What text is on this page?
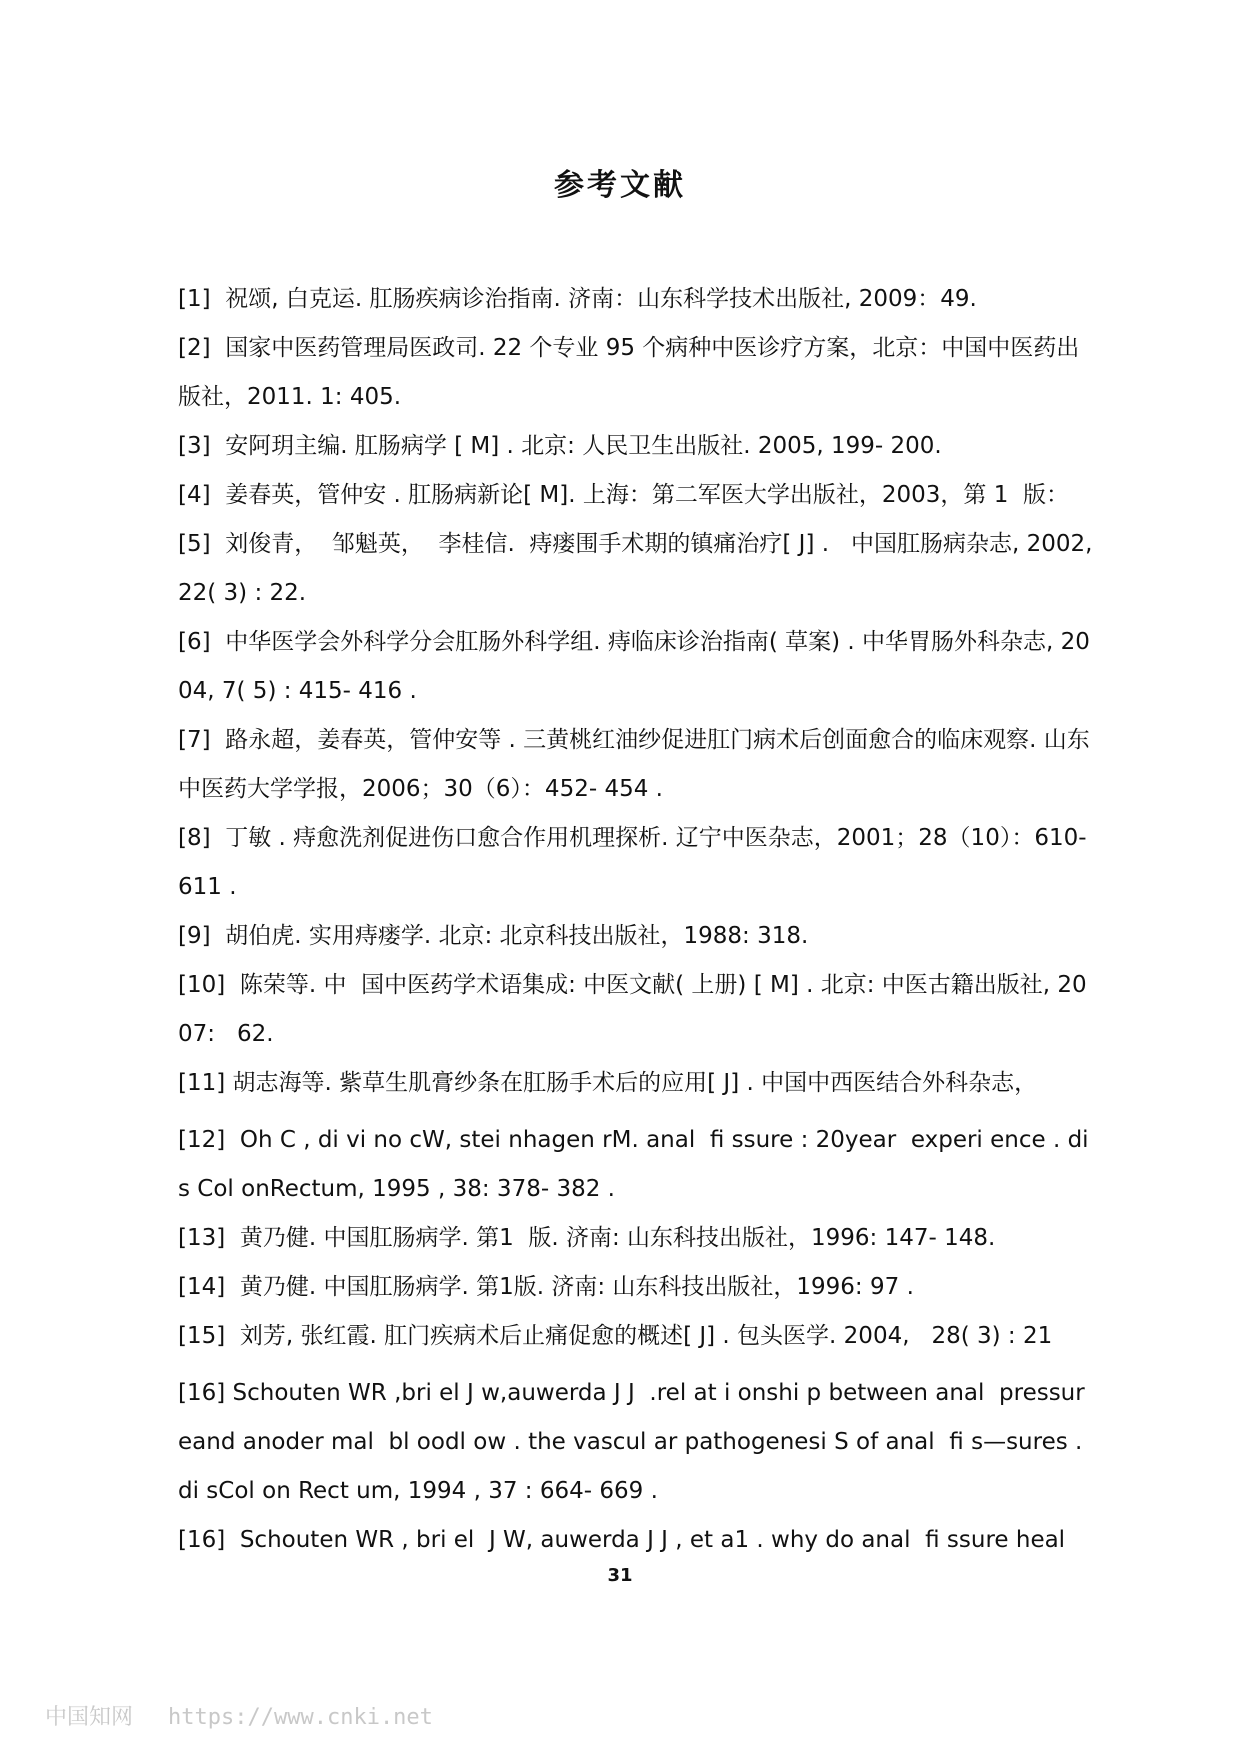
参考文献

[1]  祝颂, 白克运. 肛肠疾病诊治指南. 济南：山东科学技术出版社, 2009：49.

[2]  国家中医药管理局医政司. 22 个专业 95 个病种中医诊疗方案，北京：中国中医药出版社，2011. 1: 405.

[3]  安阿玥主编. 肛肠病学 [ M] . 北京: 人民卫生出版社. 2005, 199- 200.

[4]  姜春英，管仲安 . 肛肠病新论[ M]. 上海：第二军医大学出版社，2003，第 1  版：

[5]  刘俊青，  邹魁英，  李桂信.  痔瘘围手术期的镇痛治疗[ J] .   中国肛肠病杂志, 2002, 22( 3) : 22.

[6]  中华医学会外科学分会肛肠外科学组. 痔临床诊治指南( 草案) . 中华胃肠外科杂志, 2004, 7( 5) : 415- 416 .

[7]  路永超，姜春英，管仲安等 . 三黄桃红油纱促进肛门病术后创面愈合的临床观察. 山东中医药大学学报，2006；30（6）：452- 454 .

[8]  丁敏 . 痔愈洗剂促进伤口愈合作用机理探析. 辽宁中医杂志，2001；28（10）：610- 611 .

[9]  胡伯虎. 实用痔瘘学. 北京: 北京科技出版社，1988: 318.

[10]  陈荣等. 中  国中医药学术语集成: 中医文献( 上册) [ M] . 北京: 中医古籍出版社, 2007:   62.

[11] 胡志海等. 紫草生肌膏纱条在肛肠手术后的应用[ J] . 中国中西医结合外科杂志，

[12]  Oh C , di vi no cW, stei nhagen rM. anal  fi ssure : 20year  experi ence . di s Col onRectum, 1995 , 38: 378- 382 .

[13]  黄乃健. 中国肛肠病学. 第1  版. 济南: 山东科技出版社，1996: 147- 148.

[14]  黄乃健. 中国肛肠病学. 第1版. 济南: 山东科技出版社，1996: 97 .

[15]  刘芳, 张红霞. 肛门疾病术后止痛促愈的概述[ J] . 包头医学. 2004,   28( 3) : 21

[16] Schouten WR ,bri el J w,auwerda J J  .rel at i onshi p between anal  pressureand anoder mal  bl oodl ow . the vascul ar pathogenesi S of anal  fi s—sures . di sCol on Rect um, 1994 , 37 : 664- 669 .

[16]  Schouten WR , bri el  J W, auwerda J J , et a1 . why do anal  fi ssure heal

31
中国知网 https://www.cnki.net
